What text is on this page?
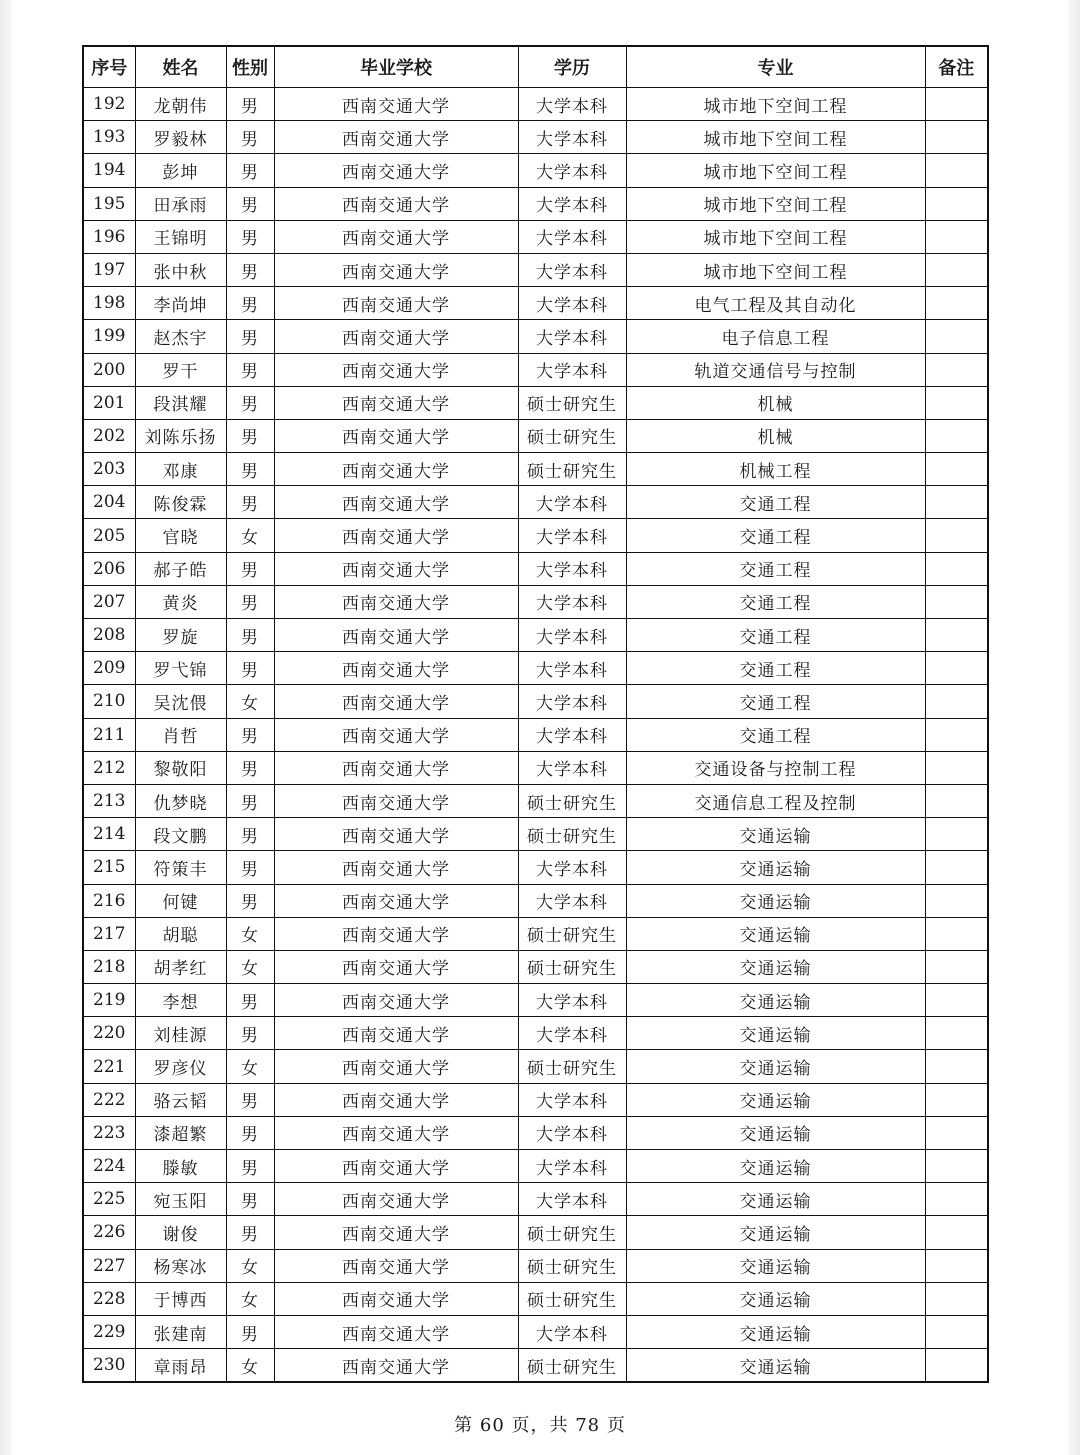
序号	姓名	性别	毕业学校	学历	专业	备注
192	龙朝伟	男	西南交通大学	大学本科	城市地下空间工程	
193	罗毅林	男	西南交通大学	大学本科	城市地下空间工程	
194	彭坤	男	西南交通大学	大学本科	城市地下空间工程	
195	田承雨	男	西南交通大学	大学本科	城市地下空间工程	
196	王锦明	男	西南交通大学	大学本科	城市地下空间工程	
197	张中秋	男	西南交通大学	大学本科	城市地下空间工程	
198	李尚坤	男	西南交通大学	大学本科	电气工程及其自动化	
199	赵杰宇	男	西南交通大学	大学本科	电子信息工程	
200	罗干	男	西南交通大学	大学本科	轨道交通信号与控制	
201	段淇耀	男	西南交通大学	硕士研究生	机械	
202	刘陈乐扬	男	西南交通大学	硕士研究生	机械	
203	邓康	男	西南交通大学	硕士研究生	机械工程	
204	陈俊霖	男	西南交通大学	大学本科	交通工程	
205	官晓	女	西南交通大学	大学本科	交通工程	
206	郝子皓	男	西南交通大学	大学本科	交通工程	
207	黄炎	男	西南交通大学	大学本科	交通工程	
208	罗旋	男	西南交通大学	大学本科	交通工程	
209	罗弋锦	男	西南交通大学	大学本科	交通工程	
210	吴沈偎	女	西南交通大学	大学本科	交通工程	
211	肖哲	男	西南交通大学	大学本科	交通工程	
212	黎敬阳	男	西南交通大学	大学本科	交通设备与控制工程	
213	仇梦晓	男	西南交通大学	硕士研究生	交通信息工程及控制	
214	段文鹏	男	西南交通大学	硕士研究生	交通运输	
215	符策丰	男	西南交通大学	大学本科	交通运输	
216	何键	男	西南交通大学	大学本科	交通运输	
217	胡聪	女	西南交通大学	硕士研究生	交通运输	
218	胡孝红	女	西南交通大学	硕士研究生	交通运输	
219	李想	男	西南交通大学	大学本科	交通运输	
220	刘桂源	男	西南交通大学	大学本科	交通运输	
221	罗彦仪	女	西南交通大学	硕士研究生	交通运输	
222	骆云韬	男	西南交通大学	大学本科	交通运输	
223	漆超繁	男	西南交通大学	大学本科	交通运输	
224	滕敏	男	西南交通大学	大学本科	交通运输	
225	宛玉阳	男	西南交通大学	大学本科	交通运输	
226	谢俊	男	西南交通大学	硕士研究生	交通运输	
227	杨寒冰	女	西南交通大学	硕士研究生	交通运输	
228	于博西	女	西南交通大学	硕士研究生	交通运输	
229	张建南	男	西南交通大学	大学本科	交通运输	
230	章雨昂	女	西南交通大学	硕士研究生	交通运输	
第 60 页，共 78 页
